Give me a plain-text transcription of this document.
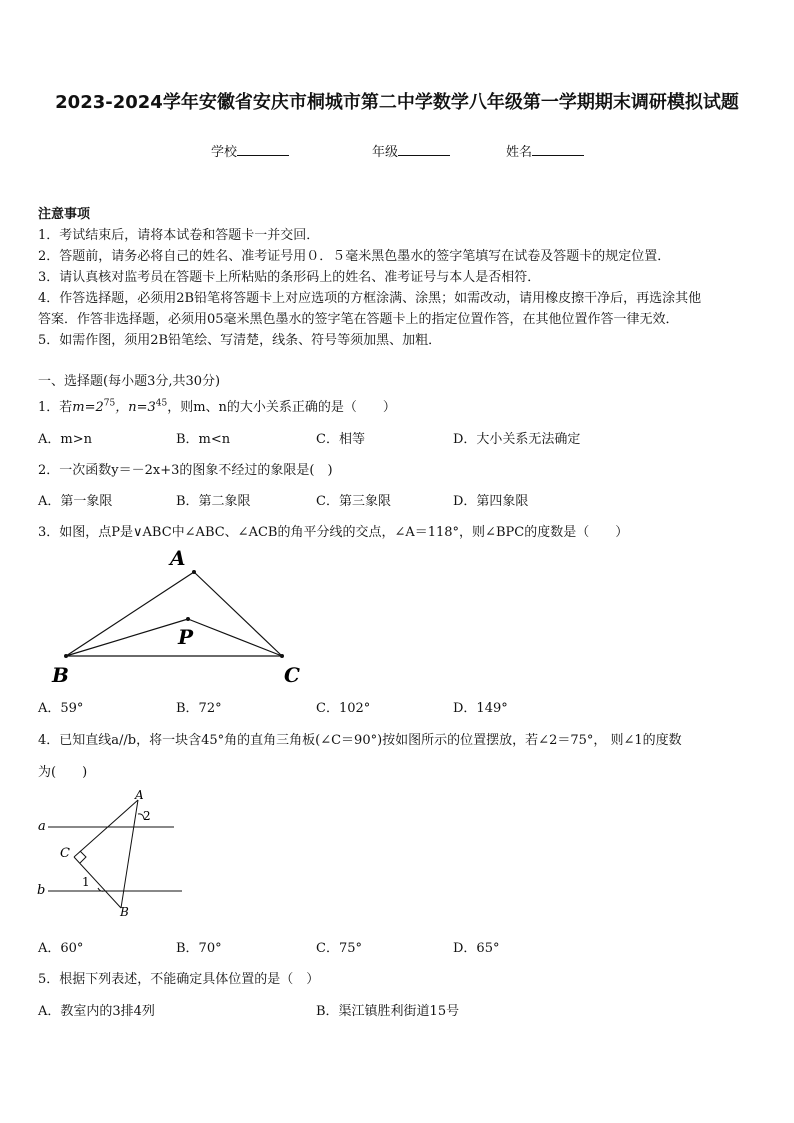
2023-2024学年安徽省安庆市桐城市第二中学数学八年级第一学期期末调研模拟试题
学校	年级	姓名
注意事项
1．考试结束后，请将本试卷和答题卡一并交回．
2．答题前，请务必将自己的姓名、准考证号用０．５毫米黑色墨水的签字笔填写在试卷及答题卡的规定位置．
3．请认真核对监考员在答题卡上所粘贴的条形码上的姓名、准考证号与本人是否相符．
4．作答选择题，必须用2B铅笔将答题卡上对应选项的方框涂满、涂黑；如需改动，请用橡皮擦干净后，再选涂其他
答案．作答非选择题，必须用05毫米黑色墨水的签字笔在答题卡上的指定位置作答，在其他位置作答一律无效．
5．如需作图，须用2B铅笔绘、写清楚，线条、符号等须加黑、加粗．
一、选择题(每小题3分,共30分)
1．若$m=2^{75}$，$n=3^{45}$，则m、n的大小关系正确的是（　　）
A．m>n	B．m<n	C．相等	D．大小关系无法确定
2．一次函数y＝－2x+3的图象不经过的象限是(　)
A．第一象限	B．第二象限	C．第三象限	D．第四象限
3．如图，点P是∨ABC中∠ABC、∠ACB的角平分线的交点，∠A＝118°，则∠BPC的度数是（　　）
A
P
B	C
A．59°	B．72°	C．102°	D．149°
4．已知直线a//b，将一块含45°角的直角三角板(∠C＝90°)按如图所示的位置摆放，若∠2＝75°， 则∠1的度数
为(　　)
a
b
A
C
B
1
2
A．60°	B．70°	C．75°	D．65°
5．根据下列表述，不能确定具体位置的是（　）
A．教室内的3排4列	B．渠江镇胜利街道15号
